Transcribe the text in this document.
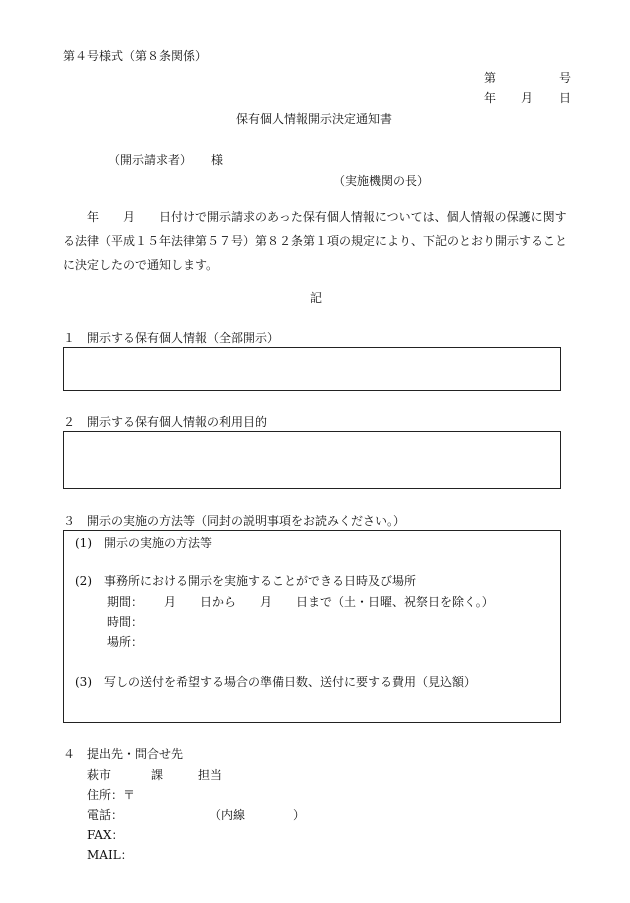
第４号様式（第８条関係）
第	号
年 月 日
保有個人情報開示決定通知書
（開示請求者） 様
（実施機関の長）

年　　月　　日付けで開示請求のあった保有個人情報については、個人情報の保護に関する法律（平成１５年法律第５７号）第８２条第１項の規定により、下記のとおり開示することに決定したので通知します。

記
１　開示する保有個人情報（全部開示）
２　開示する保有個人情報の利用目的
３　開示の実施の方法等（同封の説明事項をお読みください。）
(1)　開示の実施の方法等
(2)　事務所における開示を実施することができる日時及び場所
期間： 月　　日から　　月　　日まで（土・日曜、祝祭日を除く。）
時間：
場所：
(3)　写しの送付を希望する場合の準備日数、送付に要する費用（見込額）
４　提出先・問合せ先
萩市	課	担当
住所：〒
電話：	（内線　　　　）
FAX：
MAIL：
